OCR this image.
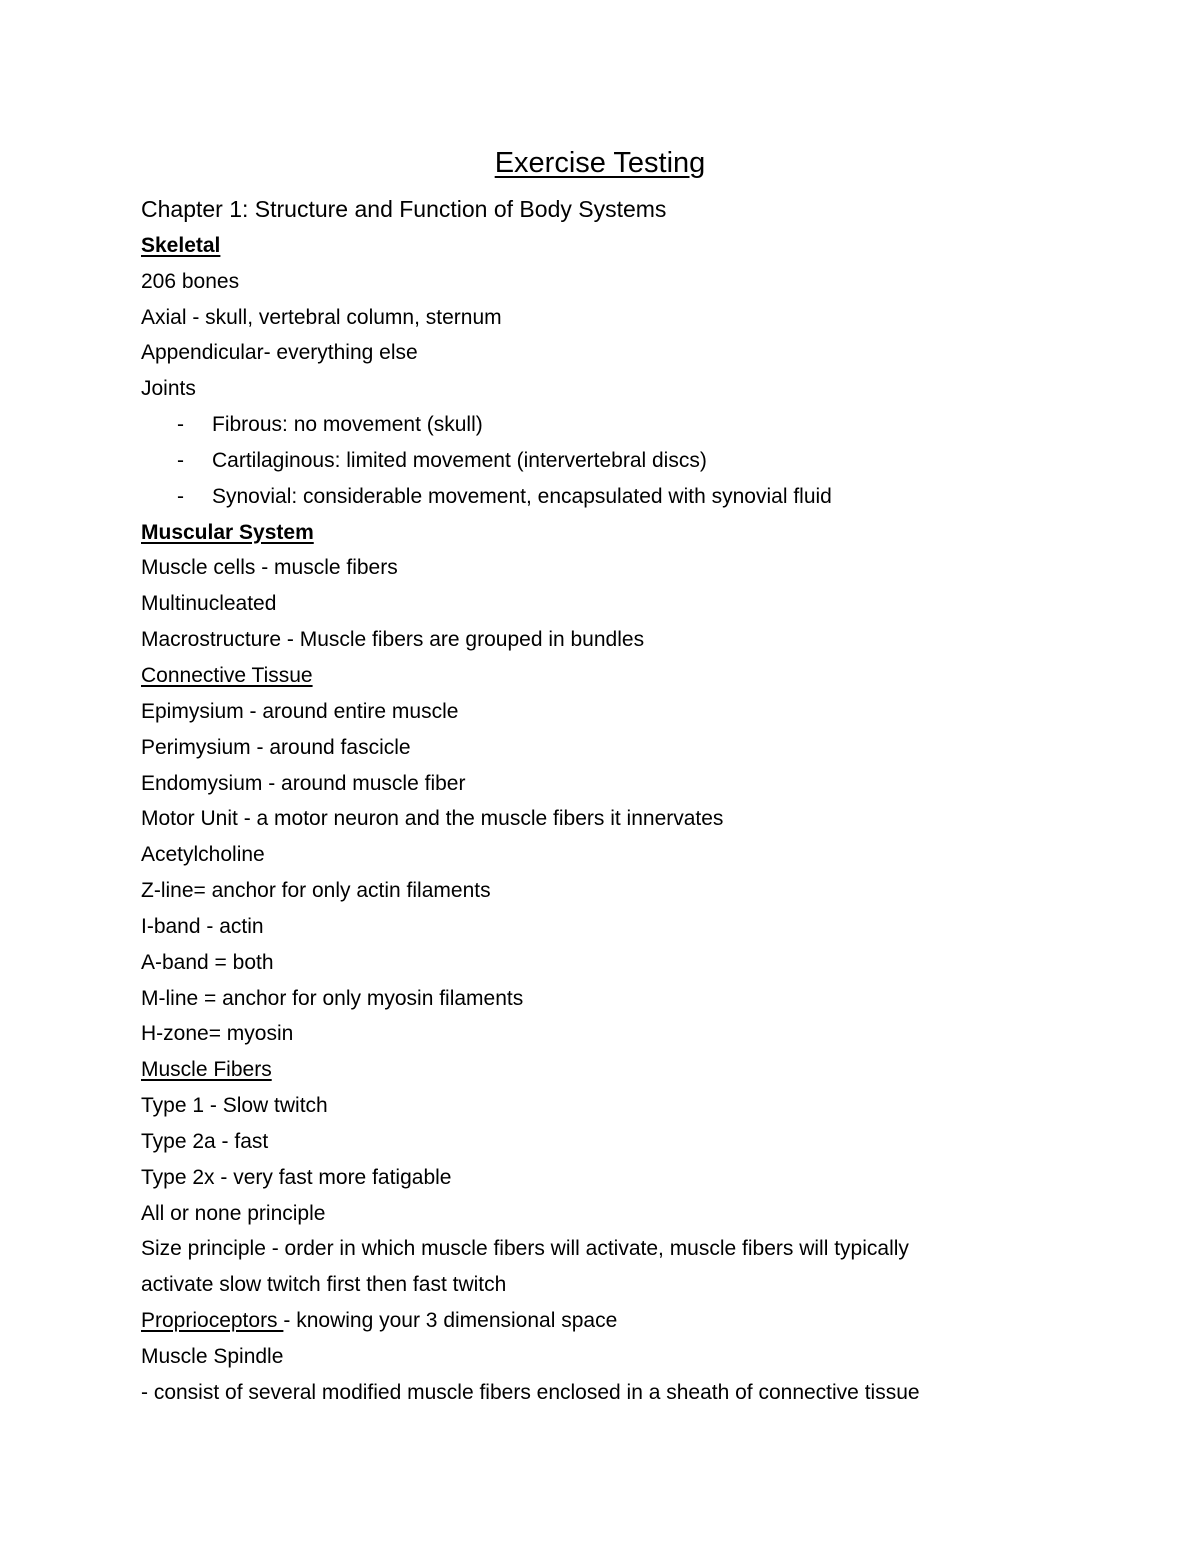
Exercise Testing
Chapter 1: Structure and Function of Body Systems
Skeletal
206 bones
Axial - skull, vertebral column, sternum
Appendicular- everything else
Joints
- Fibrous: no movement (skull)
- Cartilaginous: limited movement (intervertebral discs)
- Synovial: considerable movement, encapsulated with synovial fluid
Muscular System
Muscle cells - muscle fibers
Multinucleated
Macrostructure - Muscle fibers are grouped in bundles
Connective Tissue
Epimysium - around entire muscle
Perimysium - around fascicle
Endomysium - around muscle fiber
Motor Unit - a motor neuron and the muscle fibers it innervates
Acetylcholine
Z-line= anchor for only actin filaments
I-band - actin
A-band = both
M-line = anchor for only myosin filaments
H-zone= myosin
Muscle Fibers
Type 1 - Slow twitch
Type 2a - fast
Type 2x - very fast more fatigable
All or none principle
Size principle - order in which muscle fibers will activate, muscle fibers will typically
activate slow twitch first then fast twitch
Proprioceptors - knowing your 3 dimensional space
Muscle Spindle
- consist of several modified muscle fibers enclosed in a sheath of connective tissue
